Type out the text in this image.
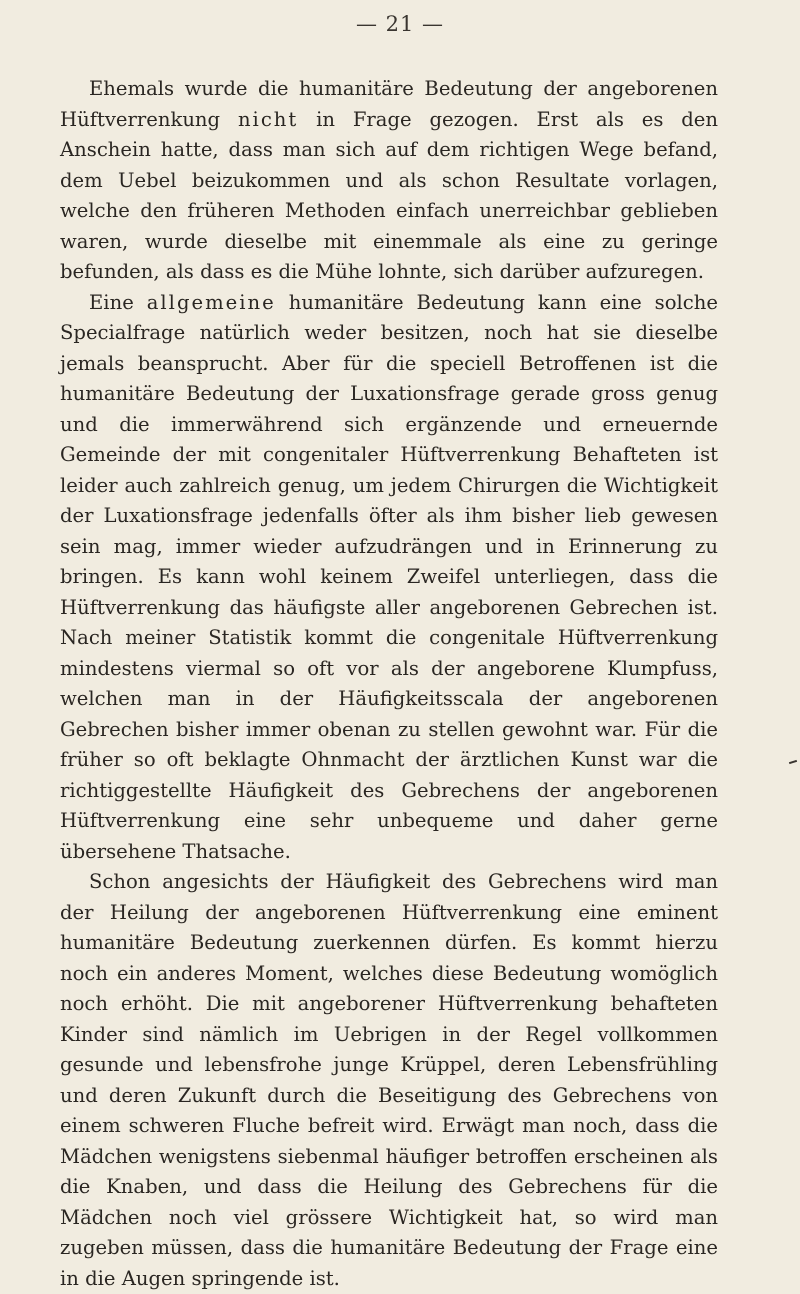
— 21 —

Ehemals wurde die humanitäre Bedeutung der angeborenen Hüftverrenkung nicht in Frage gezogen. Erst als es den Anschein hatte, dass man sich auf dem richtigen Wege befand, dem Uebel beizukommen und als schon Resultate vorlagen, welche den früheren Methoden einfach unerreichbar geblieben waren, wurde dieselbe mit einemmale als eine zu geringe befunden, als dass es die Mühe lohnte, sich darüber aufzuregen.

Eine allgemeine humanitäre Bedeutung kann eine solche Specialfrage natürlich weder besitzen, noch hat sie dieselbe jemals beansprucht. Aber für die speciell Betroffenen ist die humanitäre Bedeutung der Luxationsfrage gerade gross genug und die immerwährend sich ergänzende und erneuernde Gemeinde der mit congenitaler Hüftverrenkung Behafteten ist leider auch zahlreich genug, um jedem Chirurgen die Wichtigkeit der Luxationsfrage jedenfalls öfter als ihm bisher lieb gewesen sein mag, immer wieder aufzudrängen und in Erinnerung zu bringen. Es kann wohl keinem Zweifel unterliegen, dass die Hüftverrenkung das häufigste aller angeborenen Gebrechen ist. Nach meiner Statistik kommt die congenitale Hüftverrenkung mindestens viermal so oft vor als der angeborene Klumpfuss, welchen man in der Häufigkeitsscala der angeborenen Gebrechen bisher immer obenan zu stellen gewohnt war. Für die früher so oft beklagte Ohnmacht der ärztlichen Kunst war die richtiggestellte Häufigkeit des Gebrechens der angeborenen Hüftverrenkung eine sehr unbequeme und daher gerne übersehene Thatsache.

Schon angesichts der Häufigkeit des Gebrechens wird man der Heilung der angeborenen Hüftverrenkung eine eminent humanitäre Bedeutung zuerkennen dürfen. Es kommt hierzu noch ein anderes Moment, welches diese Bedeutung womöglich noch erhöht. Die mit angeborener Hüftverrenkung behafteten Kinder sind nämlich im Uebrigen in der Regel vollkommen gesunde und lebensfrohe junge Krüppel, deren Lebensfrühling und deren Zukunft durch die Beseitigung des Gebrechens von einem schweren Fluche befreit wird. Erwägt man noch, dass die Mädchen wenigstens siebenmal häufiger betroffen erscheinen als die Knaben, und dass die Heilung des Gebrechens für die Mädchen noch viel grössere Wichtigkeit hat, so wird man zugeben müssen, dass die humanitäre Bedeutung der Frage eine in die Augen springende ist.
